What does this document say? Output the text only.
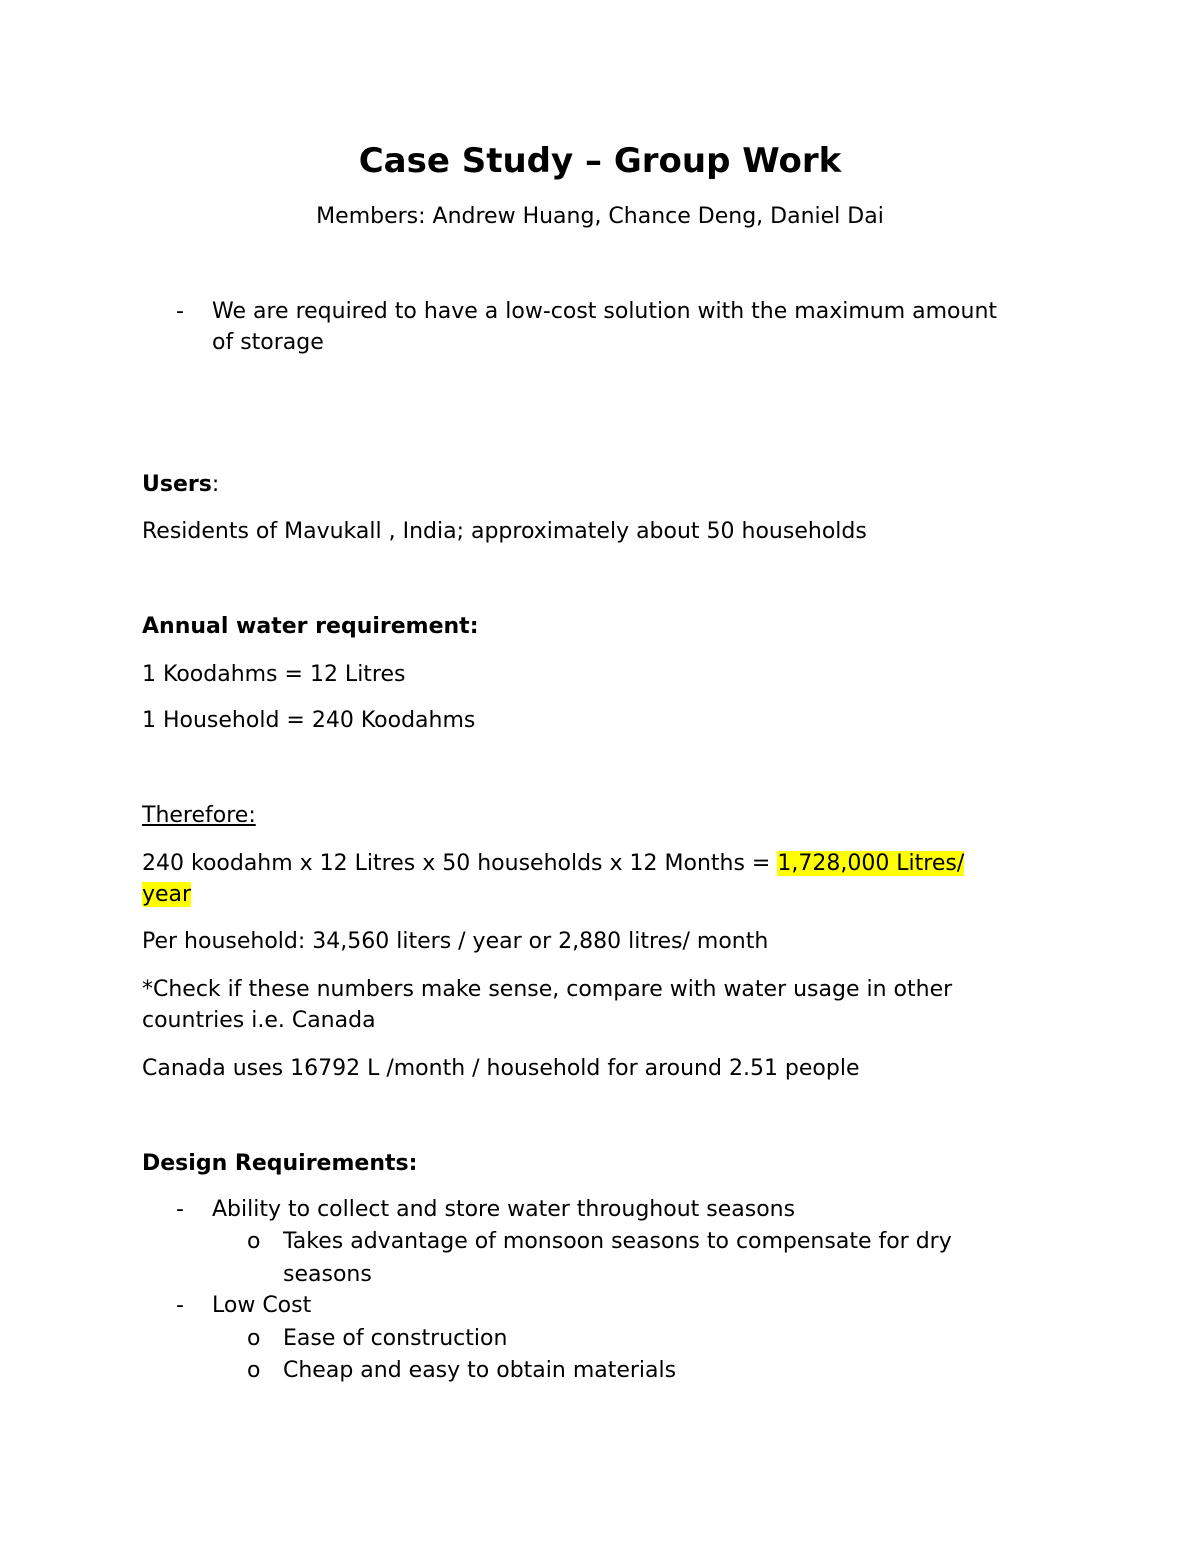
Case Study – Group Work
Members: Andrew Huang, Chance Deng, Daniel Dai
- We are required to have a low-cost solution with the maximum amount
of storage
Users:
Residents of Mavukall , India; approximately about 50 households
Annual water requirement:
1 Koodahms = 12 Litres
1 Household = 240 Koodahms
Therefore:
240 koodahm x 12 Litres x 50 households x 12 Months = 1,728,000 Litres/
year
Per household: 34,560 liters / year or 2,880 litres/ month
*Check if these numbers make sense, compare with water usage in other
countries i.e. Canada
Canada uses 16792 L /month / household for around 2.51 people
Design Requirements:
- Ability to collect and store water throughout seasons
o Takes advantage of monsoon seasons to compensate for dry
seasons
- Low Cost
o Ease of construction
o Cheap and easy to obtain materials
